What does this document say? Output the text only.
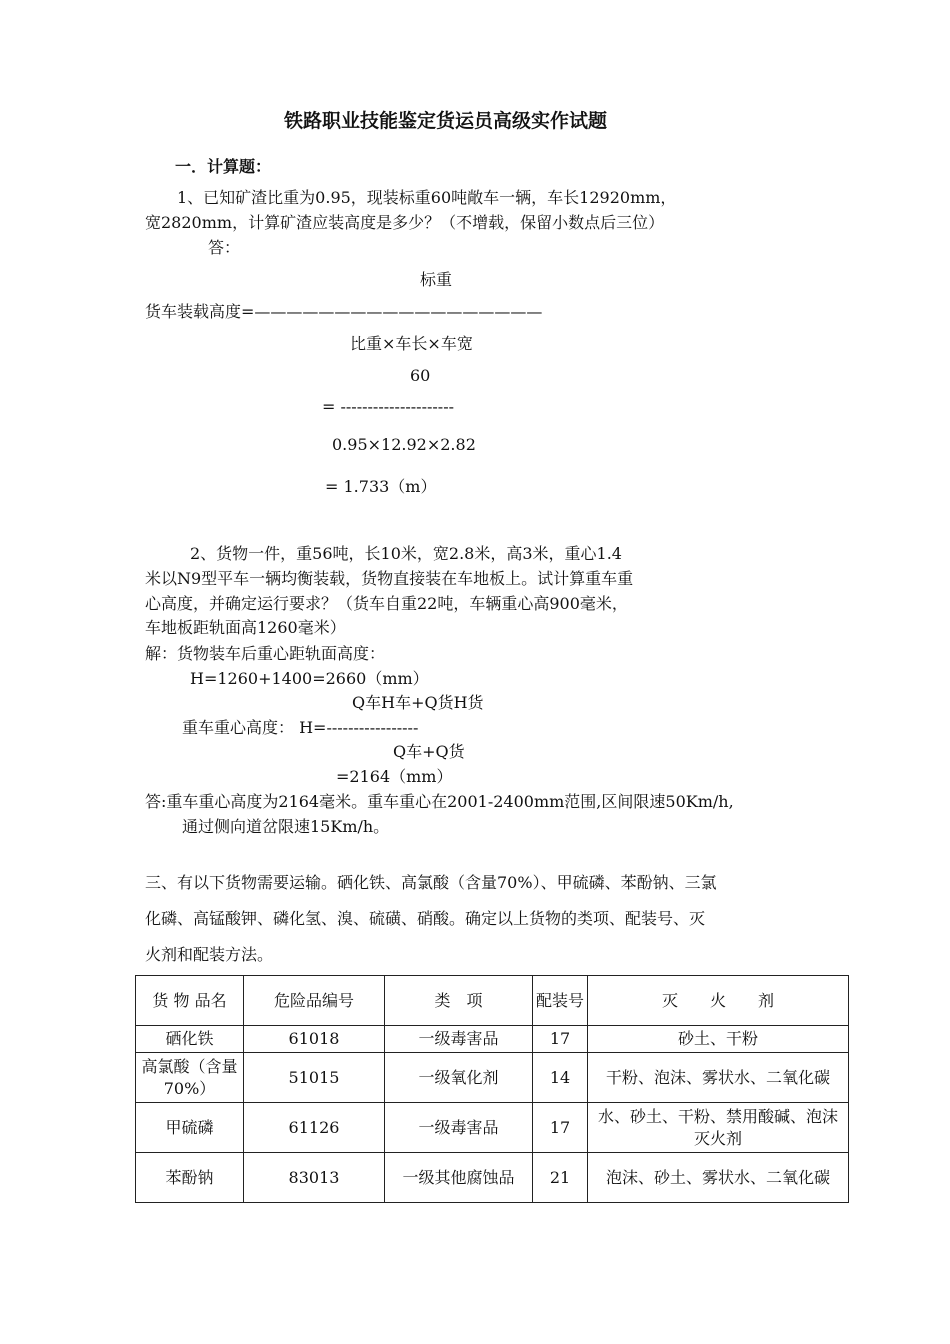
铁路职业技能鉴定货运员高级实作试题
一．计算题：
1、已知矿渣比重为0.95，现装标重60吨敞车一辆，车长12920mm，
宽2820mm，计算矿渣应装高度是多少？（不增载，保留小数点后三位）
答：
标重
货车装载高度=——————————————————
比重×车长×车宽
60
= ---------------------
0.95×12.92×2.82
= 1.733（m）
2、货物一件，重56吨，长10米，宽2.8米，高3米，重心1.4
米以N9型平车一辆均衡装载，货物直接装在车地板上。试计算重车重
心高度，并确定运行要求？（货车自重22吨，车辆重心高900毫米，
车地板距轨面高1260毫米）
解：货物装车后重心距轨面高度：
H=1260+1400=2660（mm）
Q车H车+Q货H货
重车重心高度： H=-----------------
Q车+Q货
=2164（mm）
答:重车重心高度为2164毫米。重车重心在2001-2400mm范围,区间限速50Km/h,
通过侧向道岔限速15Km/h。
三、有以下货物需要运输。硒化铁、高氯酸（含量70%）、甲硫磷、苯酚钠、三氯
化磷、高锰酸钾、磷化氢、溴、硫磺、硝酸。确定以上货物的类项、配装号、灭
火剂和配装方法。
货 物 品名	危险品编号	类　项	配装号	灭　　火　　剂
硒化铁	61018	一级毒害品	17	砂土、干粉
高氯酸（含量70%）	51015	一级氧化剂	14	干粉、泡沫、雾状水、二氧化碳
甲硫磷	61126	一级毒害品	17	水、砂土、干粉、禁用酸碱、泡沫灭火剂
苯酚钠	83013	一级其他腐蚀品	21	泡沫、砂土、雾状水、二氧化碳
